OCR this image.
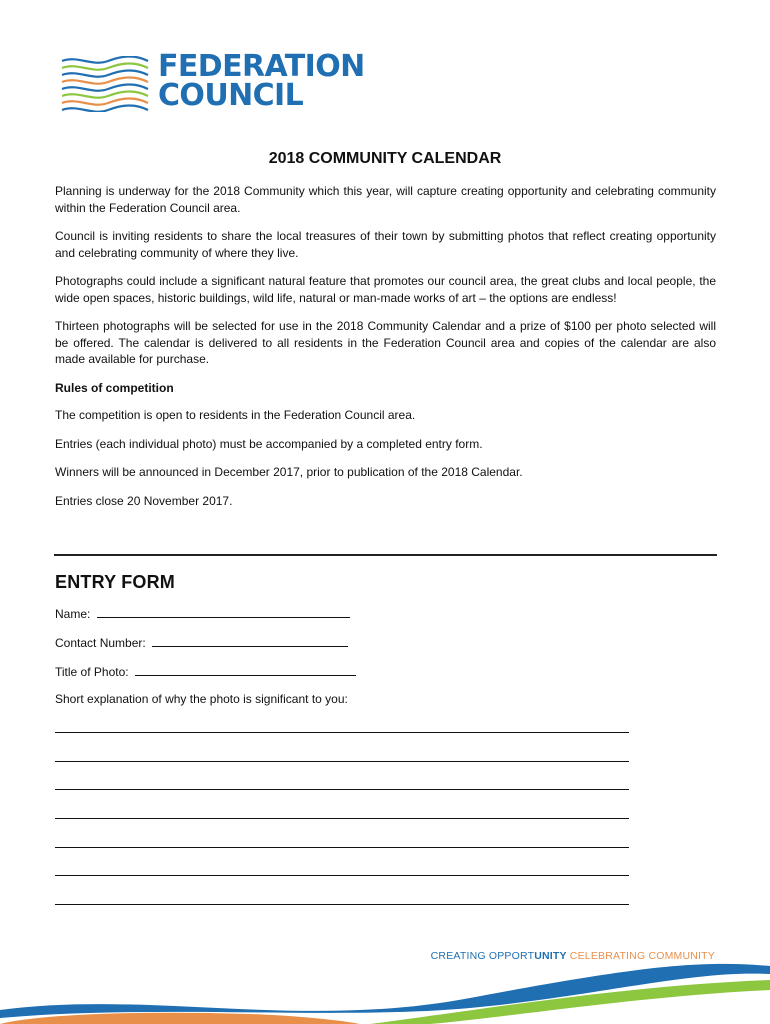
FEDERATION
COUNCIL
2018 COMMUNITY CALENDAR

Planning is underway for the 2018 Community which this year, will capture creating opportunity and celebrating community within the Federation Council area.

Council is inviting residents to share the local treasures of their town by submitting photos that reflect creating opportunity and celebrating community of where they live.

Photographs could include a significant natural feature that promotes our council area, the great clubs and local people, the wide open spaces, historic buildings, wild life, natural or man-made works of art – the options are endless!

Thirteen photographs will be selected for use in the 2018 Community Calendar and a prize of $100 per photo selected will be offered. The calendar is delivered to all residents in the Federation Council area and copies of the calendar are also made available for purchase.

Rules of competition

The competition is open to residents in the Federation Council area.

Entries (each individual photo) must be accompanied by a completed entry form.

Winners will be announced in December 2017, prior to publication of the 2018 Calendar.

Entries close 20 November 2017.

ENTRY FORM
Name:
Contact Number:
Title of Photo:
Short explanation of why the photo is significant to you:
CREATING OPPORTUNITY CELEBRATING COMMUNITY
